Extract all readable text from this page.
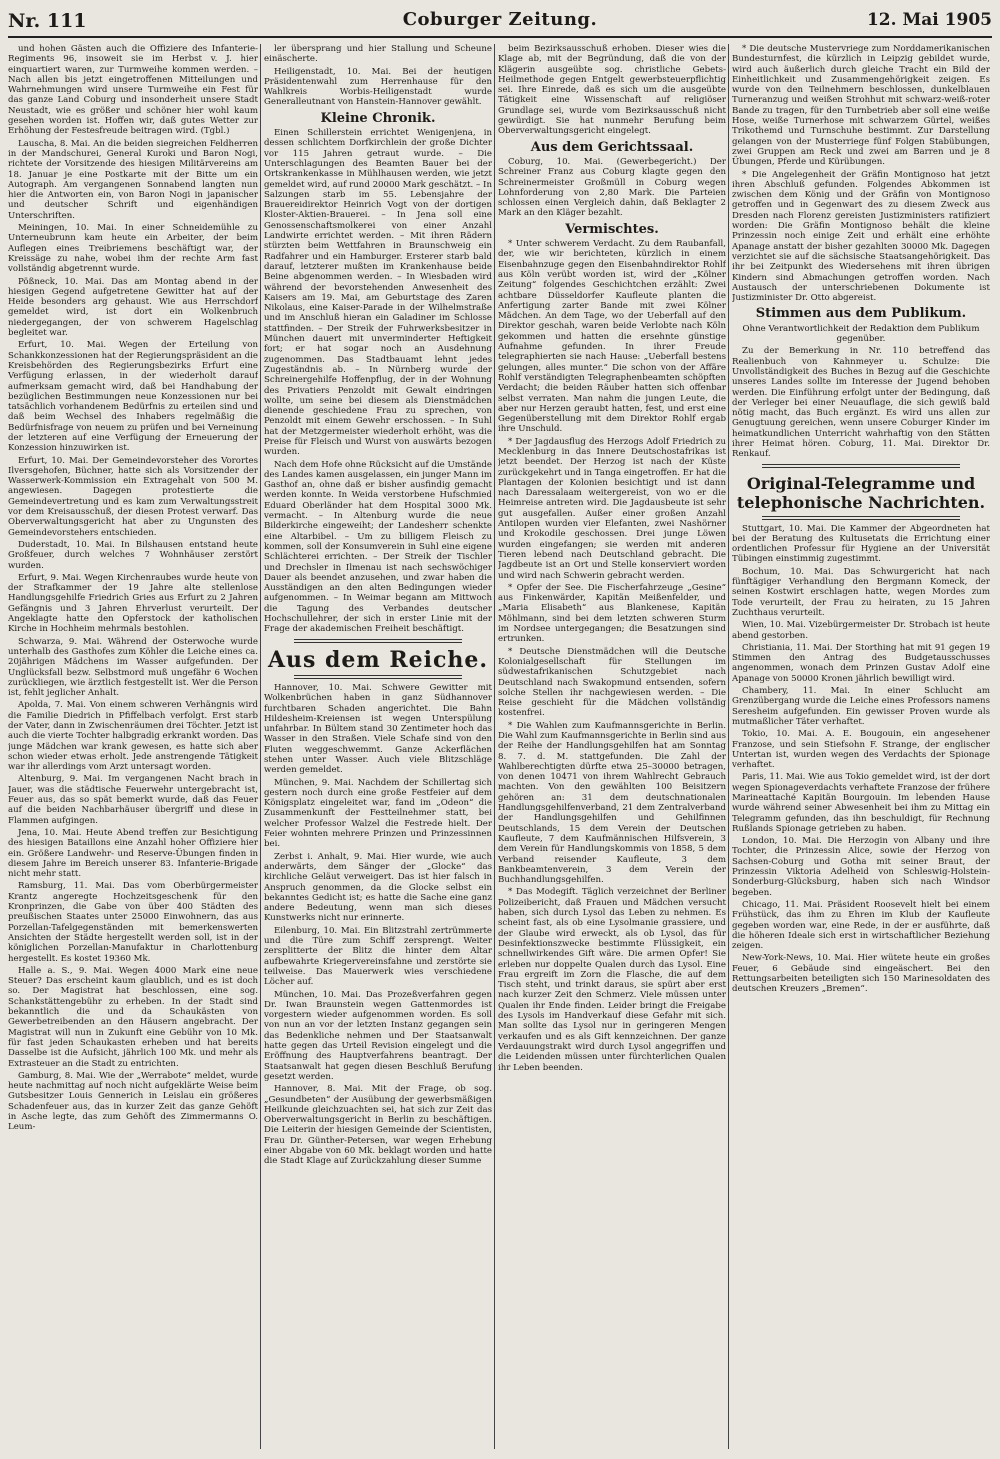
Nr. 111	Coburger Zeitung.	12. Mai 1905

und hohen Gästen auch die Offiziere des Infanterie-Regiments 96, insoweit sie im Herbst v. J. hier einquartiert waren, zur Turmweihe kommen werden. – Nach allen bis jetzt eingetroffenen Mitteilungen und Wahrnehmungen wird unsere Turmweihe ein Fest für das ganze Land Coburg und insonderheit unsere Stadt Neustadt, wie es größer und schöner hier wohl kaum gesehen worden ist. Hoffen wir, daß gutes Wetter zur Erhöhung der Festesfreude beitragen wird. (Tgbl.)

Lauscha, 8. Mai. An die beiden siegreichen Feldherren in der Mandschurei, General Kuroki und Baron Nogi, richtete der Vorsitzende des hiesigen Militärvereins am 18. Januar je eine Postkarte mit der Bitte um ein Autograph. Am vergangenen Sonnabend langten nun hier die Antworten ein, von Baron Nogi in japanischer und deutscher Schrift und eigenhändigen Unterschriften.

Meiningen, 10. Mai. In einer Schneidemühle zu Unterneubrunn kam heute ein Arbeiter, der beim Auflegen eines Treibriemens beschäftigt war, der Kreissäge zu nahe, wobei ihm der rechte Arm fast vollständig abgetrennt wurde.

Pößneck, 10. Mai. Das am Montag abend in der hiesigen Gegend aufgetretene Gewitter hat auf der Heide besonders arg gehaust. Wie aus Herrschdorf gemeldet wird, ist dort ein Wolkenbruch niedergegangen, der von schwerem Hagelschlag begleitet war.

Erfurt, 10. Mai. Wegen der Erteilung von Schankkonzessionen hat der Regierungspräsident an die Kreisbehörden des Regierungsbezirks Erfurt eine Verfügung erlassen, in der wiederholt darauf aufmerksam gemacht wird, daß bei Handhabung der bezüglichen Bestimmungen neue Konzessionen nur bei tatsächlich vorhandenem Bedürfnis zu erteilen sind und daß beim Wechsel des Inhabers regelmäßig die Bedürfnisfrage von neuem zu prüfen und bei Verneinung der letzteren auf eine Verfügung der Erneuerung der Konzession hinzuwirken ist.

Erfurt, 10. Mai. Der Gemeindevorsteher des Vorortes Ilversgehofen, Büchner, hatte sich als Vorsitzender der Wasserwerk-Kommission ein Extragehalt von 500 M. angewiesen. Dagegen protestierte die Gemeindevertretung und es kam zum Verwaltungsstreit vor dem Kreisausschuß, der diesen Protest verwarf. Das Oberverwaltungsgericht hat aber zu Ungunsten des Gemeindevorstehers entschieden.

Duderstadt, 10. Mai. In Bilshausen entstand heute Großfeuer, durch welches 7 Wohnhäuser zerstört wurden.

Erfurt, 9. Mai. Wegen Kirchenraubes wurde heute von der Strafkammer der 19 Jahre alte stellenlose Handlungsgehilfe Friedrich Gries aus Erfurt zu 2 Jahren Gefängnis und 3 Jahren Ehrverlust verurteilt. Der Angeklagte hatte den Opferstock der katholischen Kirche in Hochheim mehrmals bestohlen.

Schwarza, 9. Mai. Während der Osterwoche wurde unterhalb des Gasthofes zum Köhler die Leiche eines ca. 20jährigen Mädchens im Wasser aufgefunden. Der Unglücksfall bezw. Selbstmord muß ungefähr 6 Wochen zurückliegen, wie ärztlich festgestellt ist. Wer die Person ist, fehlt jeglicher Anhalt.

Apolda, 7. Mai. Von einem schweren Verhängnis wird die Familie Diedrich in Pfiffelbach verfolgt. Erst starb der Vater, dann in Zwischenräumen drei Töchter. Jetzt ist auch die vierte Tochter halbgradig erkrankt worden. Das junge Mädchen war krank gewesen, es hatte sich aber schon wieder etwas erholt. Jede anstrengende Tätigkeit war ihr allerdings vom Arzt untersagt worden.

Altenburg, 9. Mai. Im vergangenen Nacht brach in Jauer, was die städtische Feuerwehr untergebracht ist, Feuer aus, das so spät bemerkt wurde, daß das Feuer auf die beiden Nachbarhäuser übergriff und diese in Flammen aufgingen.

Jena, 10. Mai. Heute Abend treffen zur Besichtigung des hiesigen Bataillons eine Anzahl hoher Offiziere hier ein. Größere Landwehr- und Reserve-Übungen finden in diesem Jahre im Bereich unserer 83. Infanterie-Brigade nicht mehr statt.

Ramsburg, 11. Mai. Das vom Oberbürgermeister Krantz angeregte Hochzeitsgeschenk für den Kronprinzen, die Gabe von über 400 Städten des preußischen Staates unter 25000 Einwohnern, das aus Porzellan-Tafelgegenständen mit bemerkenswerten Ansichten der Städte hergestellt werden soll, ist in der königlichen Porzellan-Manufaktur in Charlottenburg hergestellt. Es kostet 19360 Mk.

Halle a. S., 9. Mai. Wegen 4000 Mark eine neue Steuer? Das erscheint kaum glaublich, und es ist doch so. Der Magistrat hat beschlossen, eine sog. Schankstättengebühr zu erheben. In der Stadt sind bekanntlich die und da Schaukästen von Gewerbetreibenden an den Häusern angebracht. Der Magistrat will nun in Zukunft eine Gebühr von 10 Mk. für fast jeden Schaukasten erheben und hat bereits Dasselbe ist die Aufsicht, jährlich 100 Mk. und mehr als Extrasteuer an die Stadt zu entrichten.

Gamburg, 8. Mai. Wie der „Werrabote“ meldet, wurde heute nachmittag auf noch nicht aufgeklärte Weise beim Gutsbesitzer Louis Gennerich in Leislau ein größeres Schadenfeuer aus, das in kurzer Zeit das ganze Gehöft in Asche legte, das zum Gehöft des Zimmermanns O. Leum-

ler übersprang und hier Stallung und Scheune einäscherte.

Heiligenstadt, 10. Mai. Bei der heutigen Präsidentenwahl zum Herrenhause für den Wahlkreis Worbis-Heiligenstadt wurde Generalleutnant von Hanstein-Hannover gewählt.

Kleine Chronik.

Einen Schillerstein errichtet Wenigenjena, in dessen schlichtem Dorfkirchlein der große Dichter vor 115 Jahren getraut wurde. – Die Unterschlagungen des Beamten Bauer bei der Ortskrankenkasse in Mühlhausen werden, wie jetzt gemeldet wird, auf rund 20000 Mark geschätzt. – In Salzungen starb im 55. Lebensjahre der Brauereidirektor Heinrich Vogt von der dortigen Kloster-Aktien-Brauerei. – In Jena soll eine Genossenschaftsmolkerei von einer Anzahl Landwirte errichtet werden. – Mit ihren Rädern stürzten beim Wettfahren in Braunschweig ein Radfahrer und ein Hamburger. Ersterer starb bald darauf, letzterer mußten im Krankenhause beide Beine abgenommen werden. – In Wiesbaden wird während der bevorstehenden Anwesenheit des Kaisers am 19. Mai, am Geburtstage des Zaren Nikolaus, eine Kaiser-Parade in der Wilhelmstraße und im Anschluß hieran ein Galadiner im Schlosse stattfinden. – Der Streik der Fuhrwerksbesitzer in München dauert mit unverminderter Heftigkeit fort; er hat sogar noch an Ausdehnung zugenommen. Das Stadtbauamt lehnt jedes Zugeständnis ab. – In Nürnberg wurde der Schreinergehilfe Hoffenpflug, der in der Wohnung des Privatiers Penzoldt mit Gewalt eindringen wollte, um seine bei diesem als Dienstmädchen dienende geschiedene Frau zu sprechen, von Penzoldt mit einem Gewehr erschossen. – In Suhl hat der Metzgermeister wiederholt erhöht, was die Preise für Fleisch und Wurst von auswärts bezogen wurden.

Nach dem Hofe ohne Rücksicht auf die Umstände des Landes kamen ausgelassen, ein junger Mann im Gasthof an, ohne daß er bisher ausfindig gemacht werden konnte. In Weida verstorbene Hufschmied Eduard Oberländer hat dem Hospital 3000 Mk. vermacht. – In Altenburg wurde die neue Bilderkirche eingeweiht; der Landesherr schenkte eine Altarbibel. – Um zu billigem Fleisch zu kommen, soll der Konsumverein in Suhl eine eigene Schlächterei errichten. – Der Streik der Tischler und Drechsler in Ilmenau ist nach sechswöchiger Dauer als beendet anzusehen, und zwar haben die Ausständigen an den alten Bedingungen wieder aufgenommen. – In Weimar begann am Mittwoch die Tagung des Verbandes deutscher Hochschullehrer, der sich in erster Linie mit der Frage der akademischen Freiheit beschäftigt.

Aus dem Reiche.

Hannover, 10. Mai. Schwere Gewitter mit Wolkenbrüchen haben in ganz Südhannover furchtbaren Schaden angerichtet. Die Bahn Hildesheim-Kreiensen ist wegen Unterspülung unfahrbar. In Bültem stand 30 Zentimeter hoch das Wasser in den Straßen. Viele Schafe sind von den Fluten weggeschwemmt. Ganze Ackerflächen stehen unter Wasser. Auch viele Blitzschläge werden gemeldet.

München, 9. Mai. Nachdem der Schillertag sich gestern noch durch eine große Festfeier auf dem Königsplatz eingeleitet war, fand im „Odeon“ die Zusammenkunft der Festteilnehmer statt, bei welcher Professor Walzel die Festrede hielt. Der Feier wohnten mehrere Prinzen und Prinzessinnen bei.

Zerbst i. Anhalt, 9. Mai. Hier wurde, wie auch anderwärts, dem Sänger der „Glocke“ das kirchliche Geläut verweigert. Das ist hier falsch in Anspruch genommen, da die Glocke selbst ein bekanntes Gedicht ist; es hatte die Sache eine ganz andere Bedeutung, wenn man sich dieses Kunstwerks nicht nur erinnerte.

Eilenburg, 10. Mai. Ein Blitzstrahl zertrümmerte und die Türe zum Schiff zersprengt. Weiter zersplitterte der Blitz die hinter dem Altar aufbewahrte Kriegervereinsfahne und zerstörte sie teilweise. Das Mauerwerk wies verschiedene Löcher auf.

München, 10. Mai. Das Prozeßverfahren gegen Dr. Iwan Braunstein wegen Gattenmordes ist vorgestern wieder aufgenommen worden. Es soll von nun an vor der letzten Instanz gegangen sein das Bedenkliche nehmen und Der Staatsanwalt hatte gegen das Urteil Revision eingelegt und die Eröffnung des Hauptverfahrens beantragt. Der Staatsanwalt hat gegen diesen Beschluß Berufung gesetzt werden.

Hannover, 8. Mai. Mit der Frage, ob sog. „Gesundbeten“ der Ausübung der gewerbsmäßigen Heilkunde gleichzuachten sei, hat sich zur Zeit das Oberverwaltungsgericht in Berlin zu beschäftigen. Die Leiterin der hiesigen Gemeinde der Scientisten, Frau Dr. Günther-Petersen, war wegen Erhebung einer Abgabe von 60 Mk. beklagt worden und hatte die Stadt Klage auf Zurückzahlung dieser Summe

beim Bezirksausschuß erhoben. Dieser wies die Klage ab, mit der Begründung, daß die von der Klägerin ausgeübte sog. christliche Gebets-Heilmethode gegen Entgelt gewerbsteuerpflichtig sei. Ihre Einrede, daß es sich um die ausgeübte Tätigkeit eine Wissenschaft auf religiöser Grundlage sei, wurde vom Bezirksausschuß nicht gewürdigt. Sie hat nunmehr Berufung beim Oberverwaltungsgericht eingelegt.

Aus dem Gerichtssaal.

Coburg, 10. Mai. (Gewerbegericht.) Der Schreiner Franz aus Coburg klagte gegen den Schreinermeister Großmüll in Coburg wegen Lohnforderung von 2,80 Mark. Die Parteien schlossen einen Vergleich dahin, daß Beklagter 2 Mark an den Kläger bezahlt.

Vermischtes.

* Unter schwerem Verdacht. Zu dem Raubanfall, der, wie wir berichteten, kürzlich in einem Eisenbahnzuge gegen den Eisenbahndirektor Rohlf aus Köln verübt worden ist, wird der „Kölner Zeitung“ folgendes Geschichtchen erzählt: Zwei achtbare Düsseldorfer Kaufleute planten die Anfertigung zarter Bande mit zwei Kölner Mädchen. An dem Tage, wo der Ueberfall auf den Direktor geschah, waren beide Verlobte nach Köln gekommen und hatten die ersehnte günstige Aufnahme gefunden. In ihrer Freude telegraphierten sie nach Hause: „Ueberfall bestens gelungen, alles munter.“ Die schon von der Affäre Rohlf verständigten Telegraphenbeamten schöpften Verdacht; die beiden Räuber hatten sich offenbar selbst verraten. Man nahm die jungen Leute, die aber nur Herzen geraubt hatten, fest, und erst eine Gegenüberstellung mit dem Direktor Rohlf ergab ihre Unschuld.

* Der Jagdausflug des Herzogs Adolf Friedrich zu Mecklenburg in das Innere Deutschostafrikas ist jetzt beendet. Der Herzog ist nach der Küste zurückgekehrt und in Tanga eingetroffen. Er hat die Plantagen der Kolonien besichtigt und ist dann nach Daressalaam weitergereist, von wo er die Heimreise antreten wird. Die Jagdausbeute ist sehr gut ausgefallen. Außer einer großen Anzahl Antilopen wurden vier Elefanten, zwei Nashörner und Krokodile geschossen. Drei junge Löwen wurden eingefangen; sie werden mit anderen Tieren lebend nach Deutschland gebracht. Die Jagdbeute ist an Ort und Stelle konserviert worden und wird nach Schwerin gebracht werden.

* Opfer der See. Die Fischerfahrzeuge „Gesine“ aus Finkenwärder, Kapitän Meißenfelder, und „Maria Elisabeth“ aus Blankenese, Kapitän Möhlmann, sind bei dem letzten schweren Sturm im Nordsee untergegangen; die Besatzungen sind ertrunken.

* Deutsche Dienstmädchen will die Deutsche Kolonialgesellschaft für Stellungen im südwestafrikanischen Schutzgebiet nach Deutschland nach Swakopmund entsenden, sofern solche Stellen ihr nachgewiesen werden. – Die Reise geschieht für die Mädchen vollständig kostenfrei.

* Die Wahlen zum Kaufmannsgerichte in Berlin. Die Wahl zum Kaufmannsgerichte in Berlin sind aus der Reihe der Handlungsgehilfen hat am Sonntag 8. 7. d. M. stattgefunden. Die Zahl der Wahlberechtigten dürfte etwa 25–30000 betragen, von denen 10471 von ihrem Wahlrecht Gebrauch machten. Von den gewählten 100 Beisitzern gehören an: 31 dem deutschnationalen Handlungsgehilfenverband, 21 dem Zentralverband der Handlungsgehilfen und Gehilfinnen Deutschlands, 15 dem Verein der Deutschen Kaufleute, 7 dem Kaufmännischen Hilfsverein, 3 dem Verein für Handlungskommis von 1858, 5 dem Verband reisender Kaufleute, 3 dem Bankbeamtenverein, 3 dem Verein der Buchhandlungsgehilfen.

* Das Modegift. Täglich verzeichnet der Berliner Polizeibericht, daß Frauen und Mädchen versucht haben, sich durch Lysol das Leben zu nehmen. Es scheint fast, als ob eine Lysolmanie grassiere, und der Glaube wird erweckt, als ob Lysol, das für Desinfektionszwecke bestimmte Flüssigkeit, ein schnellwirkendes Gift wäre. Die armen Opfer! Sie erleben nur doppelte Qualen durch das Lysol. Eine Frau ergreift im Zorn die Flasche, die auf dem Tisch steht, und trinkt daraus, sie spürt aber erst nach kurzer Zeit den Schmerz. Viele müssen unter Qualen ihr Ende finden. Leider bringt die Freigabe des Lysols im Handverkauf diese Gefahr mit sich. Man sollte das Lysol nur in geringeren Mengen verkaufen und es als Gift kennzeichnen. Der ganze Verdauungstrakt wird durch Lysol angegriffen und die Leidenden müssen unter fürchterlichen Qualen ihr Leben beenden.

* Die deutsche Mustervriege zum Norddamerikanischen Bundesturnfest, die kürzlich in Leipzig gebildet wurde, wird auch äußerlich durch gleiche Tracht ein Bild der Einheitlichkeit und Zusammengehörigkeit zeigen. Es wurde von den Teilnehmern beschlossen, dunkelblauen Turneranzug und weißen Strohhut mit schwarz-weiß-roter Bande zu tragen, für den Turnbetrieb aber soll eine weiße Hose, weiße Turnerhose mit schwarzem Gürtel, weißes Trikothemd und Turnschuhe bestimmt. Zur Darstellung gelangen von der Musterriege fünf Folgen Stabübungen, zwei Gruppen am Reck und zwei am Barren und je 8 Übungen, Pferde und Kürübungen.

* Die Angelegenheit der Gräfin Montignoso hat jetzt ihren Abschluß gefunden. Folgendes Abkommen ist zwischen dem König und der Gräfin von Montignoso getroffen und in Gegenwart des zu diesem Zweck aus Dresden nach Florenz gereisten Justizministers ratifiziert worden: Die Gräfin Montignoso behält die kleine Prinzessin noch einige Zeit und erhält eine erhöhte Apanage anstatt der bisher gezahlten 30000 Mk. Dagegen verzichtet sie auf die sächsische Staatsangehörigkeit. Das ihr bei Zeitpunkt des Wiedersehens mit ihren übrigen Kindern sind Abmachungen getroffen worden. Nach Austausch der unterschriebenen Dokumente ist Justizminister Dr. Otto abgereist.

Stimmen aus dem Publikum.

Ohne Verantwortlichkeit der Redaktion dem Publikum gegenüber.

Zu der Bemerkung in Nr. 110 betreffend das Realienbuch von Kahnmeyer u. Schulze: Die Unvollständigkeit des Buches in Bezug auf die Geschichte unseres Landes sollte im Interesse der Jugend behoben werden. Die Einführung erfolgt unter der Bedingung, daß der Verleger bei einer Neuauflage, die sich gewiß bald nötig macht, das Buch ergänzt. Es wird uns allen zur Genugtuung gereichen, wenn unsere Coburger Kinder im heimatkundlichen Unterricht wahrhaftig von den Stätten ihrer Heimat hören. Coburg, 11. Mai. Direktor Dr. Renkauf.

Original-Telegramme und telephonische Nachrichten.

Stuttgart, 10. Mai. Die Kammer der Abgeordneten hat bei der Beratung des Kultusetats die Errichtung einer ordentlichen Professur für Hygiene an der Universität Tübingen einstimmig zugestimmt.

Bochum, 10. Mai. Das Schwurgericht hat nach fünftägiger Verhandlung den Bergmann Komeck, der seinen Kostwirt erschlagen hatte, wegen Mordes zum Tode verurteilt, der Frau zu heiraten, zu 15 Jahren Zuchthaus verurteilt.

Wien, 10. Mai. Vizebürgermeister Dr. Strobach ist heute abend gestorben.

Christiania, 11. Mai. Der Storthing hat mit 91 gegen 19 Stimmen den Antrag des Budgetausschusses angenommen, wonach dem Prinzen Gustav Adolf eine Apanage von 50000 Kronen jährlich bewilligt wird.

Chambery, 11. Mai. In einer Schlucht am Grenzübergang wurde die Leiche eines Professors namens Seresheim aufgefunden. Ein gewisser Proven wurde als mutmaßlicher Täter verhaftet.

Tokio, 10. Mai. A. E. Bougouin, ein angesehener Franzose, und sein Stiefsohn F. Strange, der englischer Untertan ist, wurden wegen des Verdachts der Spionage verhaftet.

Paris, 11. Mai. Wie aus Tokio gemeldet wird, ist der dort wegen Spionageverdachts verhaftete Franzose der frühere Marineattaché Kapitän Bourgouin. Im lebenden Hause wurde während seiner Abwesenheit bei ihm zu Mittag ein Telegramm gefunden, das ihn beschuldigt, für Rechnung Rußlands Spionage getrieben zu haben.

London, 10. Mai. Die Herzogin von Albany und ihre Tochter, die Prinzessin Alice, sowie der Herzog von Sachsen-Coburg und Gotha mit seiner Braut, der Prinzessin Viktoria Adelheid von Schleswig-Holstein-Sonderburg-Glücksburg, haben sich nach Windsor begeben.

Chicago, 11. Mai. Präsident Roosevelt hielt bei einem Frühstück, das ihm zu Ehren im Klub der Kaufleute gegeben worden war, eine Rede, in der er ausführte, daß die höheren Ideale sich erst in wirtschaftlicher Beziehung zeigen.

New-York-News, 10. Mai. Hier wütete heute ein großes Feuer, 6 Gebäude sind eingeäschert. Bei den Rettungsarbeiten beteiligten sich 150 Marinesoldaten des deutschen Kreuzers „Bremen“.
